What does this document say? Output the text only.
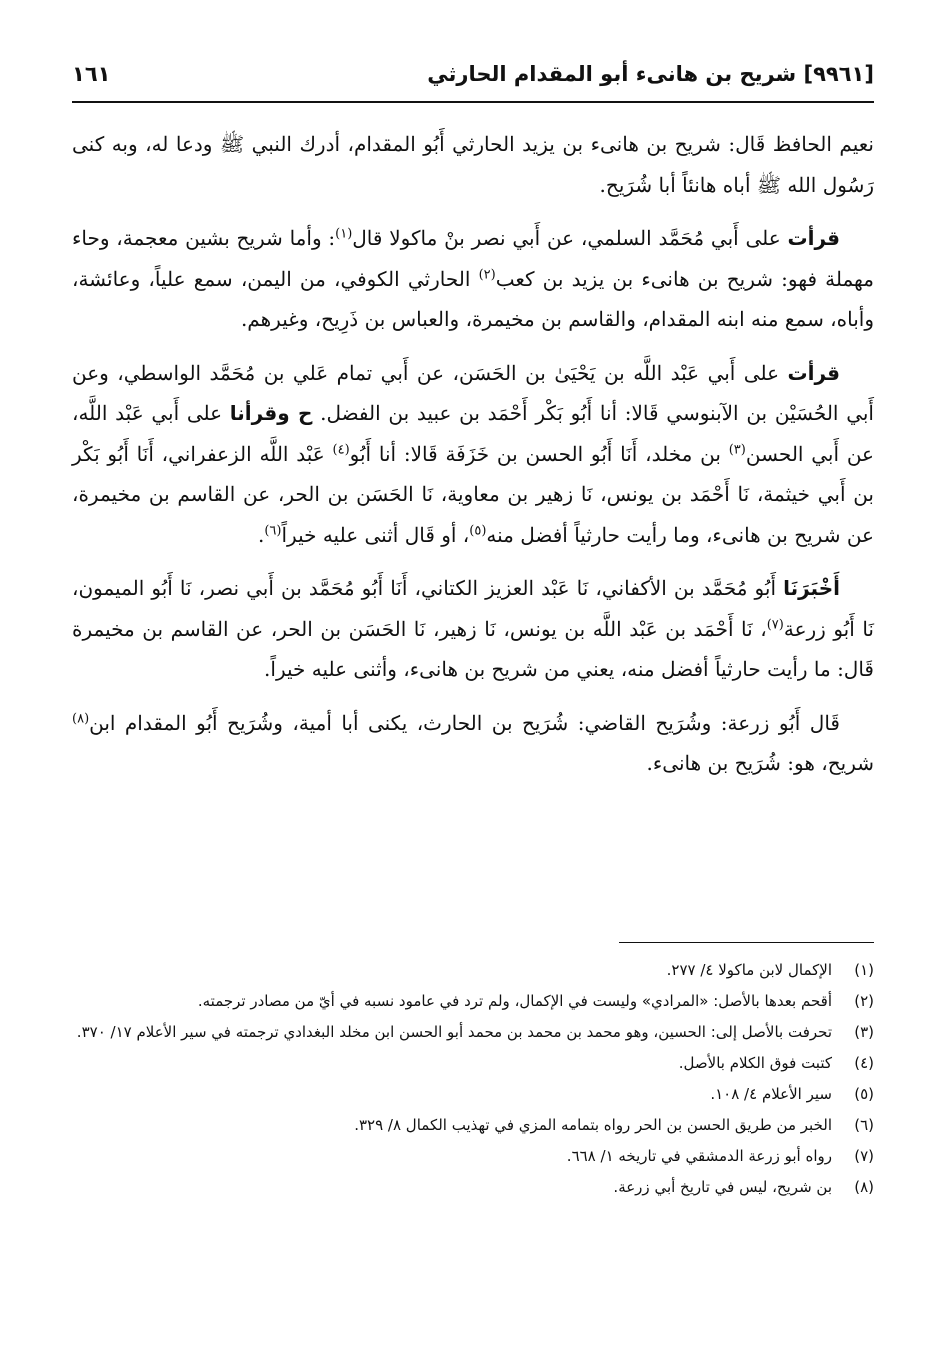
[٩٩٦١] شريح بن هانىء أبو المقدام الحارثي
١٦١

نعيم الحافظ قَال: شريح بن هانىء بن يزيد الحارثي أَبُو المقدام، أدرك النبي ﷺ ودعا له، وبه كنى رَسُول الله ﷺ أباه هانئاً أبا شُرَيح.

قرأت على أَبي مُحَمَّد السلمي، عن أَبي نصر بنْ ماكولا قال$^{(١)}$: وأما شريح بشين معجمة، وحاء مهملة فهو: شريح بن هانىء بن يزيد بن كعب$^{(٢)}$ الحارثي الكوفي، من اليمن، سمع علياً، وعائشة، وأباه، سمع منه ابنه المقدام، والقاسم بن مخيمرة، والعباس بن ذَرِيح، وغيرهم.

قرأت على أَبي عَبْد اللَّه بن يَحْيَىٰ بن الحَسَن، عن أَبي تمام عَلي بن مُحَمَّد الواسطي، وعن أَبي الحُسَيْن بن الآبنوسي قَالا: أنا أَبُو بَكْر أَحْمَد بن عبيد بن الفضل. ح وقرأنا على أَبي عَبْد اللَّه، عن أَبي الحسن$^{(٣)}$ بن مخلد، أَنَا أَبُو الحسن بن خَزَفَة قَالا: أنا أَبُو$^{(٤)}$ عَبْد اللَّه الزعفراني، أَنَا أَبُو بَكْر بن أَبي خيثمة، نَا أَحْمَد بن يونس، نَا زهير بن معاوية، نَا الحَسَن بن الحر، عن القاسم بن مخيمرة، عن شريح بن هانىء، وما رأيت حارثياً أفضل منه$^{(٥)}$، أو قَال أثنى عليه خيراً$^{(٦)}$.

أَخْبَرَنَا أَبُو مُحَمَّد بن الأكفاني، نَا عَبْد العزيز الكتاني، أَنَا أَبُو مُحَمَّد بن أَبي نصر، نَا أَبُو الميمون، نَا أَبُو زرعة$^{(٧)}$، نَا أَحْمَد بن عَبْد اللَّه بن يونس، نَا زهير، نَا الحَسَن بن الحر، عن القاسم بن مخيمرة قَال: ما رأيت حارثياً أفضل منه، يعني من شريح بن هانىء، وأثنى عليه خيراً.

قَال أَبُو زرعة: وشُرَيح القاضي: شُرَيح بن الحارث، يكنى أبا أمية، وشُرَيح أَبُو المقدام ابن$^{(٨)}$ شريح، هو: شُرَيح بن هانىء.

(١)
الإكمال لابن ماكولا ٤/ ٢٧٧.
(٢)
أقحم بعدها بالأصل: «المرادي» وليست في الإكمال، ولم ترد في عامود نسبه في أيّ من مصادر ترجمته.
(٣)
تحرفت بالأصل إلى: الحسين، وهو محمد بن محمد بن محمد أبو الحسن ابن مخلد البغدادي ترجمته في سير الأعلام ١٧/ ٣٧٠.
(٤)
كتبت فوق الكلام بالأصل.
(٥)
سير الأعلام ٤/ ١٠٨.
(٦)
الخبر من طريق الحسن بن الحر رواه بتمامه المزي في تهذيب الكمال ٨/ ٣٢٩.
(٧)
رواه أبو زرعة الدمشقي في تاريخه ١/ ٦٦٨.
(٨)
بن شريح، ليس في تاريخ أبي زرعة.
